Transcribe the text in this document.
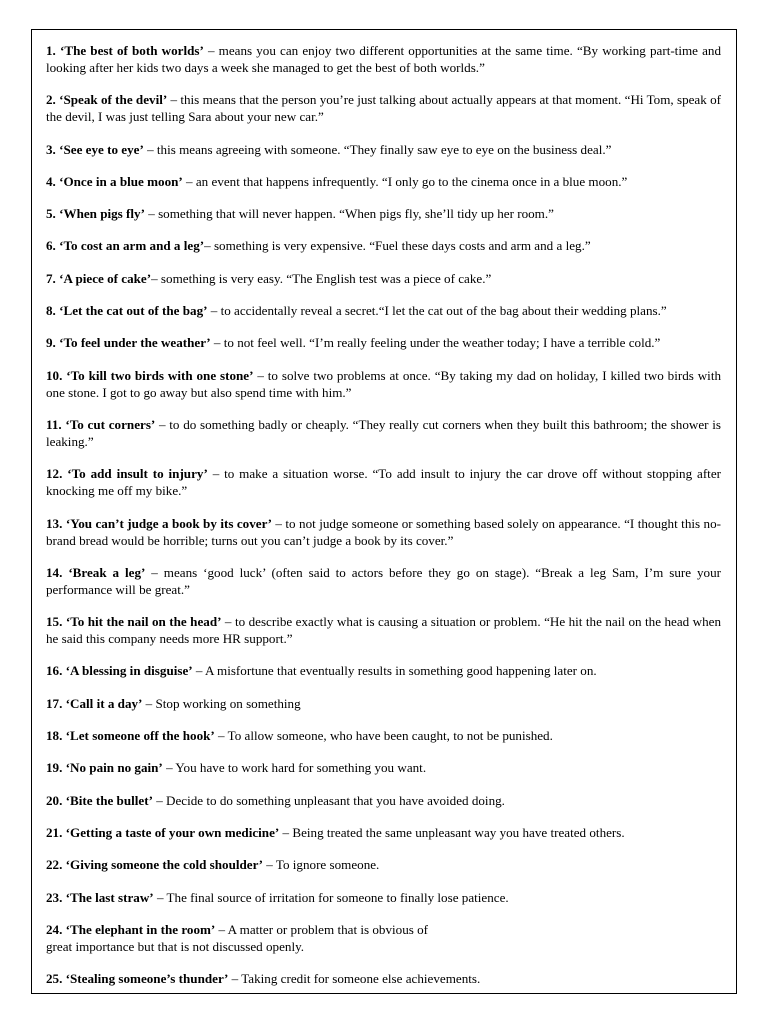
1. ‘The best of both worlds’ – means you can enjoy two different opportunities at the same time. “By working part-time and looking after her kids two days a week she managed to get the best of both worlds.”

2. ‘Speak of the devil’ – this means that the person you’re just talking about actually appears at that moment. “Hi Tom, speak of the devil, I was just telling Sara about your new car.”

3. ‘See eye to eye’ – this means agreeing with someone. “They finally saw eye to eye on the business deal.”

4. ‘Once in a blue moon’ – an event that happens infrequently. “I only go to the cinema once in a blue moon.”

5. ‘When pigs fly’ – something that will never happen. “When pigs fly, she’ll tidy up her room.”

6. ‘To cost an arm and a leg’– something is very expensive. “Fuel these days costs and arm and a leg.”

7. ‘A piece of cake’– something is very easy. “The English test was a piece of cake.”

8. ‘Let the cat out of the bag’ – to accidentally reveal a secret.“I let the cat out of the bag about their wedding plans.”

9. ‘To feel under the weather’ – to not feel well. “I’m really feeling under the weather today; I have a terrible cold.”

10. ‘To kill two birds with one stone’ – to solve two problems at once. “By taking my dad on holiday, I killed two birds with one stone. I got to go away but also spend time with him.”

11. ‘To cut corners’ – to do something badly or cheaply. “They really cut corners when they built this bathroom; the shower is leaking.”

12. ‘To add insult to injury’ – to make a situation worse. “To add insult to injury the car drove off without stopping after knocking me off my bike.”

13. ‘You can’t judge a book by its cover’ – to not judge someone or something based solely on appearance. “I thought this no-brand bread would be horrible; turns out you can’t judge a book by its cover.”

14. ‘Break a leg’ – means ‘good luck’ (often said to actors before they go on stage). “Break a leg Sam, I’m sure your performance will be great.”

15. ‘To hit the nail on the head’ – to describe exactly what is causing a situation or problem. “He hit the nail on the head when he said this company needs more HR support.”

16. ‘A blessing in disguise’ – A misfortune that eventually results in something good happening later on.

17. ‘Call it a day’ – Stop working on something

18. ‘Let someone off the hook’ – To allow someone, who have been caught, to not be punished.

19. ‘No pain no gain’ – You have to work hard for something you want.

20. ‘Bite the bullet’ – Decide to do something unpleasant that you have avoided doing.

21. ‘Getting a taste of your own medicine’ – Being treated the same unpleasant way you have treated others.

22. ‘Giving someone the cold shoulder’ – To ignore someone.

23. ‘The last straw’ – The final source of irritation for someone to finally lose patience.

24. ‘The elephant in the room’ – A matter or problem that is obvious of
great importance but that is not discussed openly.

25. ‘Stealing someone’s thunder’ – Taking credit for someone else achievements.
